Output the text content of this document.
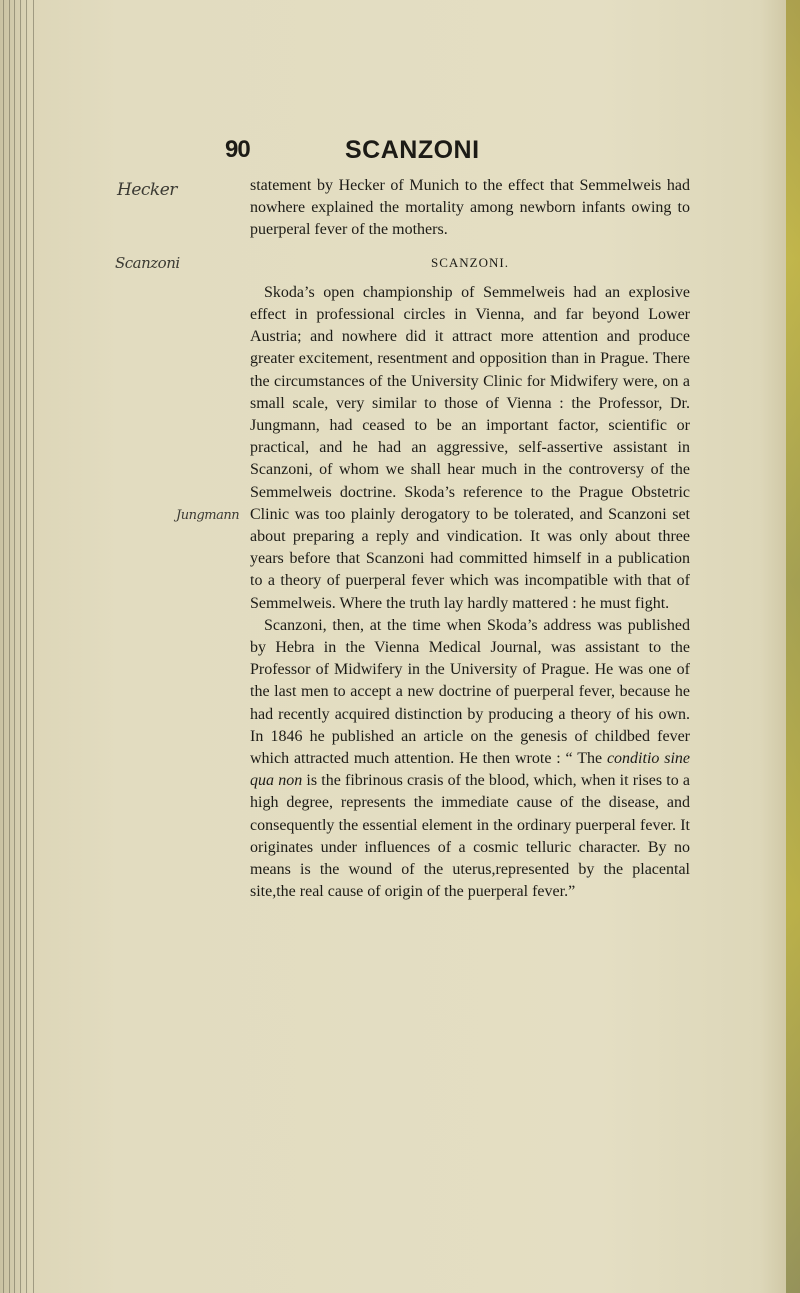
90	SCANZONI
Hecker
Scanzoni
Jungmann

statement by Hecker of Munich to the effect that Semmelweis had nowhere explained the mortality among newborn infants owing to puerperal fever of the mothers.

SCANZONI.

Skoda’s open championship of Semmelweis had an explosive effect in professional circles in Vienna, and far beyond Lower Austria; and nowhere did it attract more attention and produce greater excitement, resentment and opposition than in Prague. There the circumstances of the University Clinic for Midwifery were, on a small scale, very similar to those of Vienna : the Professor, Dr. Jungmann, had ceased to be an important factor, scientific or practical, and he had an aggressive, self-assertive assistant in Scanzoni, of whom we shall hear much in the controversy of the Semmelweis doctrine. Skoda’s reference to the Prague Obstetric Clinic was too plainly derogatory to be tolerated, and Scanzoni set about preparing a reply and vindication. It was only about three years before that Scanzoni had committed himself in a publication to a theory of puerperal fever which was incompatible with that of Semmelweis. Where the truth lay hardly mattered : he must fight.

Scanzoni, then, at the time when Skoda’s address was published by Hebra in the Vienna Medical Journal, was assistant to the Professor of Midwifery in the University of Prague. He was one of the last men to accept a new doctrine of puerperal fever, because he had recently acquired distinction by producing a theory of his own. In 1846 he published an article on the genesis of childbed fever which attracted much attention. He then wrote : “ The conditio sine qua non is the fibrinous crasis of the blood, which, when it rises to a high degree, represents the immediate cause of the disease, and consequently the essential element in the ordinary puerperal fever. It originates under influences of a cosmic telluric character. By no means is the wound of the uterus,represented by the placental site,the real cause of origin of the puerperal fever.”
